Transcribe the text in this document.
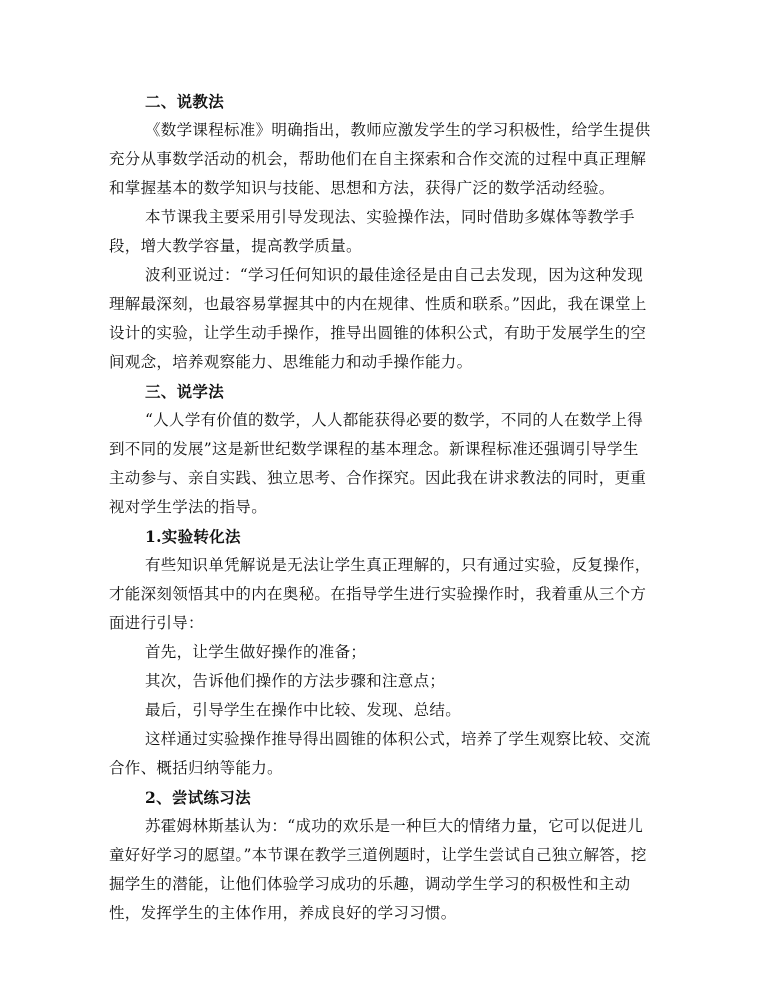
二、说教法
《数学课程标准》明确指出，教师应激发学生的学习积极性，给学生提供
充分从事数学活动的机会，帮助他们在自主探索和合作交流的过程中真正理解
和掌握基本的数学知识与技能、思想和方法，获得广泛的数学活动经验。
本节课我主要采用引导发现法、实验操作法，同时借助多媒体等教学手
段，增大教学容量，提高教学质量。
波利亚说过：“学习任何知识的最佳途径是由自己去发现，因为这种发现
理解最深刻，也最容易掌握其中的内在规律、性质和联系。”因此，我在课堂上
设计的实验，让学生动手操作，推导出圆锥的体积公式，有助于发展学生的空
间观念，培养观察能力、思维能力和动手操作能力。
三、说学法
“人人学有价值的数学，人人都能获得必要的数学，不同的人在数学上得
到不同的发展”这是新世纪数学课程的基本理念。新课程标准还强调引导学生
主动参与、亲自实践、独立思考、合作探究。因此我在讲求教法的同时，更重
视对学生学法的指导。
1.实验转化法
有些知识单凭解说是无法让学生真正理解的，只有通过实验，反复操作，
才能深刻领悟其中的内在奥秘。在指导学生进行实验操作时，我着重从三个方
面进行引导：
首先，让学生做好操作的准备；
其次，告诉他们操作的方法步骤和注意点；
最后，引导学生在操作中比较、发现、总结。
这样通过实验操作推导得出圆锥的体积公式，培养了学生观察比较、交流
合作、概括归纳等能力。
2、尝试练习法
苏霍姆林斯基认为：“成功的欢乐是一种巨大的情绪力量，它可以促进儿
童好好学习的愿望。”本节课在教学三道例题时，让学生尝试自己独立解答，挖
掘学生的潜能，让他们体验学习成功的乐趣，调动学生学习的积极性和主动
性，发挥学生的主体作用，养成良好的学习习惯。
